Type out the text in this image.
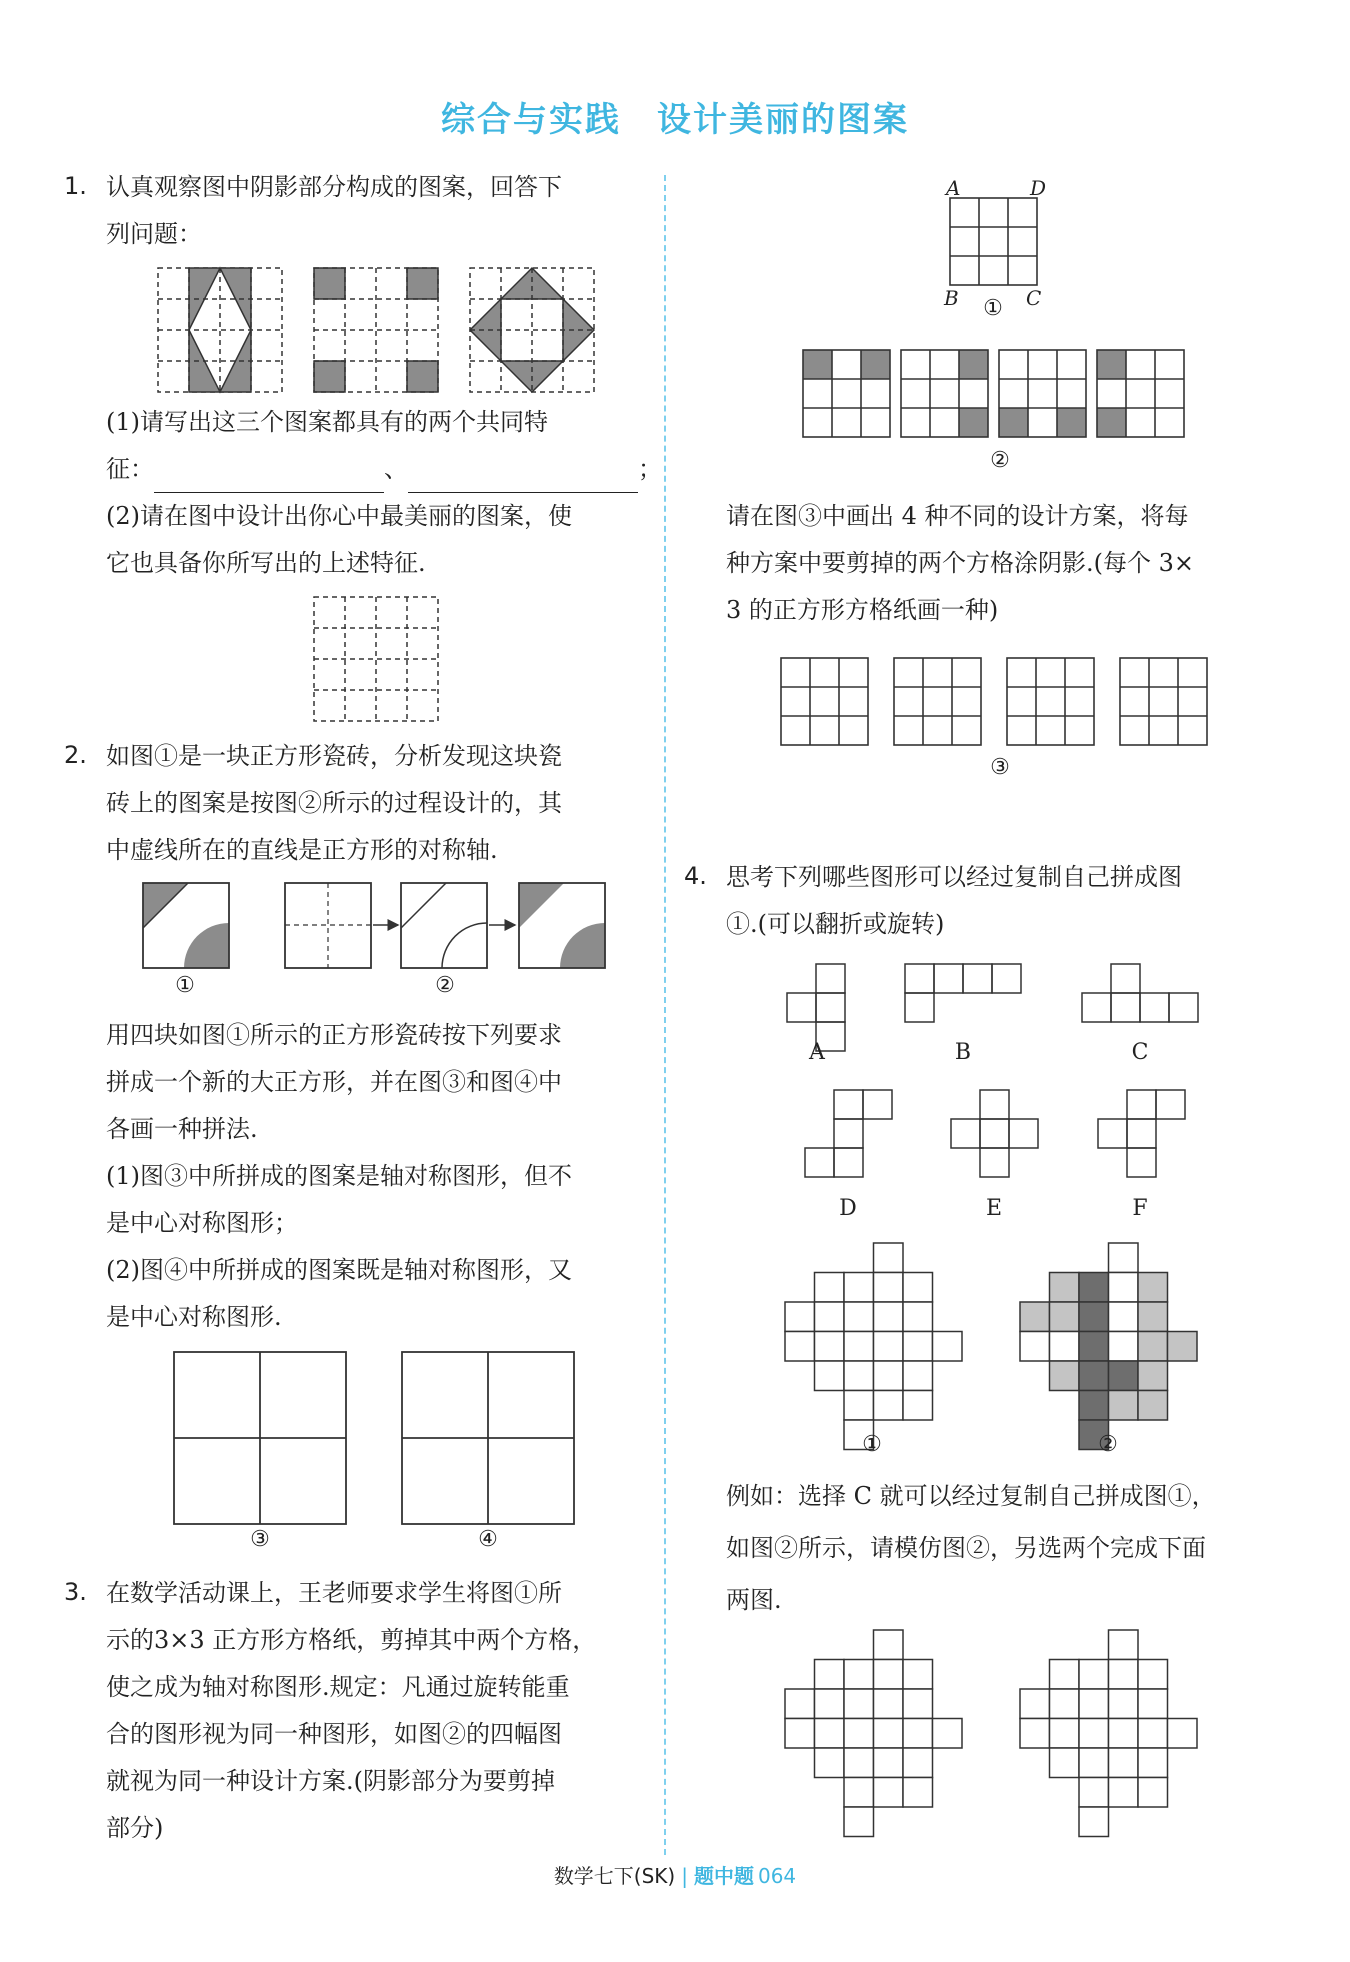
综合与实践 设计美丽的图案
1. 认真观察图中阴影部分构成的图案，回答下
列问题：
(1)请写出这三个图案都具有的两个共同特
征：	、	；
(2)请在图中设计出你心中最美丽的图案，使
它也具备你所写出的上述特征.
2. 如图①是一块正方形瓷砖，分析发现这块瓷
砖上的图案是按图②所示的过程设计的，其
中虚线所在的直线是正方形的对称轴.
①	②
用四块如图①所示的正方形瓷砖按下列要求
拼成一个新的大正方形，并在图③和图④中
各画一种拼法.
(1)图③中所拼成的图案是轴对称图形，但不
是中心对称图形；
(2)图④中所拼成的图案既是轴对称图形，又
是中心对称图形.
③	④
3. 在数学活动课上，王老师要求学生将图①所
示的3×3 正方形方格纸，剪掉其中两个方格，
使之成为轴对称图形.规定：凡通过旋转能重
合的图形视为同一种图形，如图②的四幅图
就视为同一种设计方案.(阴影部分为要剪掉
部分)
A	D
B	C
①
②
请在图③中画出 4 种不同的设计方案，将每
种方案中要剪掉的两个方格涂阴影.(每个 3×
3 的正方形方格纸画一种)
③
4. 思考下列哪些图形可以经过复制自己拼成图
①.(可以翻折或旋转)
A	B	C
D	E	F
①	②
例如：选择 C 就可以经过复制自己拼成图①，
如图②所示，请模仿图②，另选两个完成下面
两图.
数学七下(SK) | 题中题 064
